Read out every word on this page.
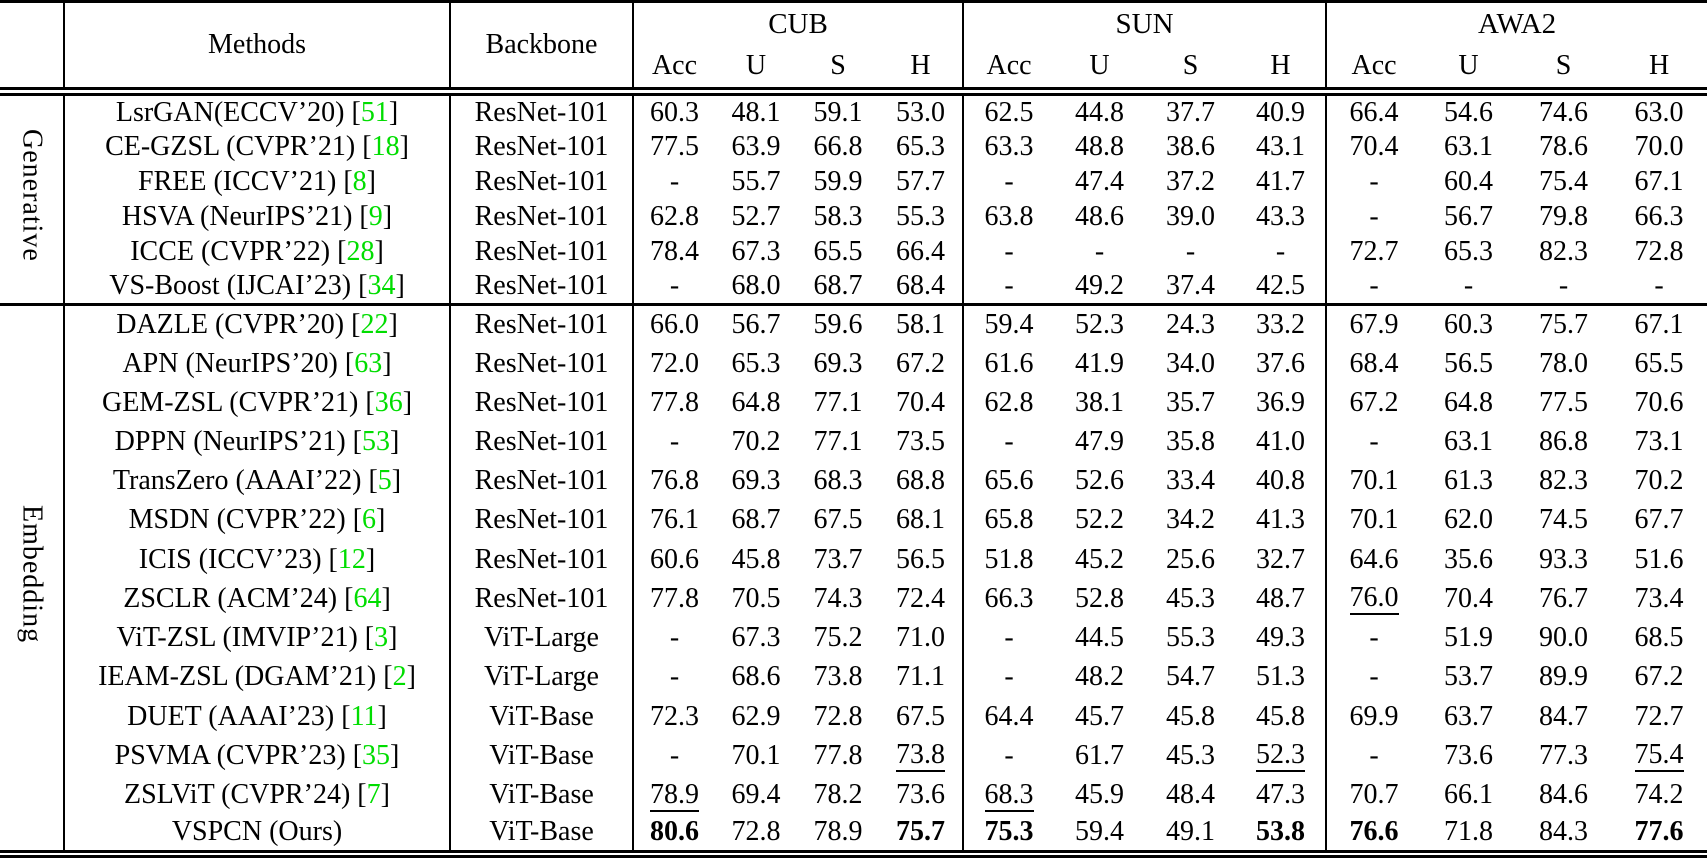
	Methods	Backbone	CUB				SUN				AWA2			
			Acc	U	S	H	Acc	U	S	H	Acc	U	S	H
Generative	LsrGAN(ECCV’20) [51]	ResNet-101	60.3	48.1	59.1	53.0	62.5	44.8	37.7	40.9	66.4	54.6	74.6	63.0
	CE-GZSL (CVPR’21) [18]	ResNet-101	77.5	63.9	66.8	65.3	63.3	48.8	38.6	43.1	70.4	63.1	78.6	70.0
	FREE (ICCV’21) [8]	ResNet-101	-	55.7	59.9	57.7	-	47.4	37.2	41.7	-	60.4	75.4	67.1
	HSVA (NeurIPS’21) [9]	ResNet-101	62.8	52.7	58.3	55.3	63.8	48.6	39.0	43.3	-	56.7	79.8	66.3
	ICCE (CVPR’22) [28]	ResNet-101	78.4	67.3	65.5	66.4	-	-	-	-	72.7	65.3	82.3	72.8
	VS-Boost (IJCAI’23) [34]	ResNet-101	-	68.0	68.7	68.4	-	49.2	37.4	42.5	-	-	-	-
Embedding	DAZLE (CVPR’20) [22]	ResNet-101	66.0	56.7	59.6	58.1	59.4	52.3	24.3	33.2	67.9	60.3	75.7	67.1
	APN (NeurIPS’20) [63]	ResNet-101	72.0	65.3	69.3	67.2	61.6	41.9	34.0	37.6	68.4	56.5	78.0	65.5
	GEM-ZSL (CVPR’21) [36]	ResNet-101	77.8	64.8	77.1	70.4	62.8	38.1	35.7	36.9	67.2	64.8	77.5	70.6
	DPPN (NeurIPS’21) [53]	ResNet-101	-	70.2	77.1	73.5	-	47.9	35.8	41.0	-	63.1	86.8	73.1
	TransZero (AAAI’22) [5]	ResNet-101	76.8	69.3	68.3	68.8	65.6	52.6	33.4	40.8	70.1	61.3	82.3	70.2
	MSDN (CVPR’22) [6]	ResNet-101	76.1	68.7	67.5	68.1	65.8	52.2	34.2	41.3	70.1	62.0	74.5	67.7
	ICIS (ICCV’23) [12]	ResNet-101	60.6	45.8	73.7	56.5	51.8	45.2	25.6	32.7	64.6	35.6	93.3	51.6
	ZSCLR (ACM’24) [64]	ResNet-101	77.8	70.5	74.3	72.4	66.3	52.8	45.3	48.7	76.0	70.4	76.7	73.4
	ViT-ZSL (IMVIP’21) [3]	ViT-Large	-	67.3	75.2	71.0	-	44.5	55.3	49.3	-	51.9	90.0	68.5
	IEAM-ZSL (DGAM’21) [2]	ViT-Large	-	68.6	73.8	71.1	-	48.2	54.7	51.3	-	53.7	89.9	67.2
	DUET (AAAI’23) [11]	ViT-Base	72.3	62.9	72.8	67.5	64.4	45.7	45.8	45.8	69.9	63.7	84.7	72.7
	PSVMA (CVPR’23) [35]	ViT-Base	-	70.1	77.8	73.8	-	61.7	45.3	52.3	-	73.6	77.3	75.4
	ZSLViT (CVPR’24) [7]	ViT-Base	78.9	69.4	78.2	73.6	68.3	45.9	48.4	47.3	70.7	66.1	84.6	74.2
	VSPCN (Ours)	ViT-Base	80.6	72.8	78.9	75.7	75.3	59.4	49.1	53.8	76.6	71.8	84.3	77.6
